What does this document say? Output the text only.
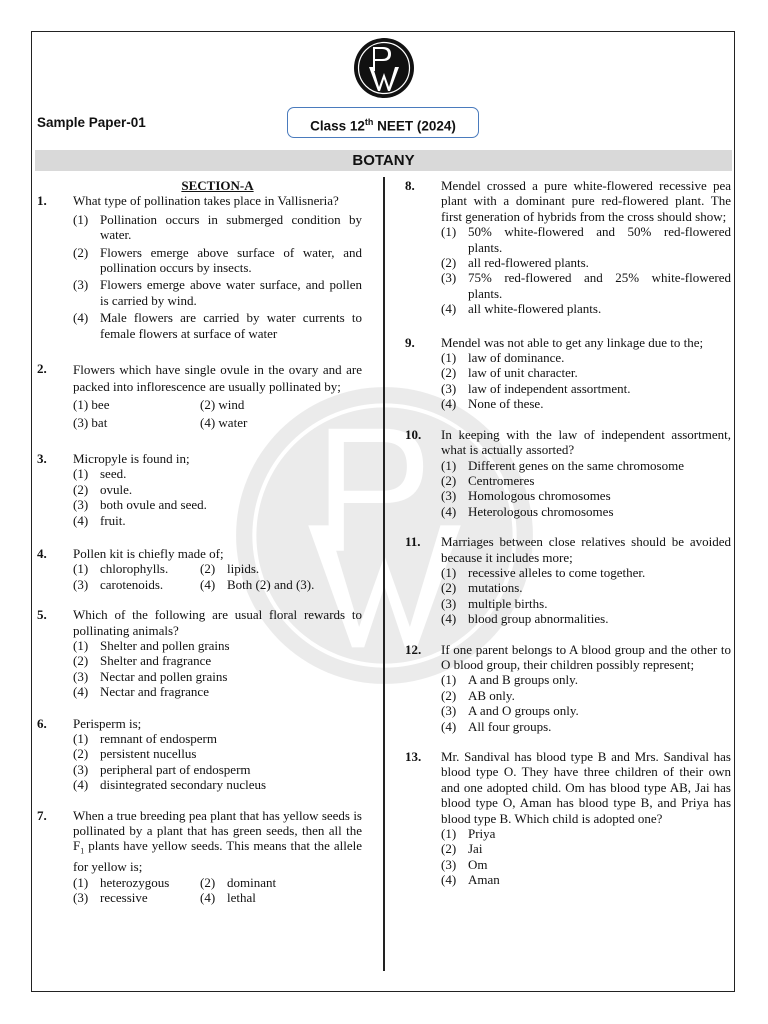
Sample Paper-01	Class 12th NEET (2024)
BOTANY
SECTION-A
1. What type of pollination takes place in Vallisneria?
(1) Pollination occurs in submerged condition by water.
(2) Flowers emerge above surface of water, and pollination occurs by insects.
(3) Flowers emerge above water surface, and pollen is carried by wind.
(4) Male flowers are carried by water currents to female flowers at surface of water
2. Flowers which have single ovule in the ovary and are packed into inflorescence are usually pollinated by;
(1) bee	(2) wind
(3) bat	(4) water
3. Micropyle is found in;
(1) seed.
(2) ovule.
(3) both ovule and seed.
(4) fruit.
4. Pollen kit is chiefly made of;
(1) chlorophylls.	(2) lipids.
(3) carotenoids.	(4) Both (2) and (3).
5. Which of the following are usual floral rewards to pollinating animals?
(1) Shelter and pollen grains
(2) Shelter and fragrance
(3) Nectar and pollen grains
(4) Nectar and fragrance
6. Perisperm is;
(1) remnant of endosperm
(2) persistent nucellus
(3) peripheral part of endosperm
(4) disintegrated secondary nucleus
7. When a true breeding pea plant that has yellow seeds is pollinated by a plant that has green seeds, then all the $F_1$ plants have yellow seeds. This means that the allele for yellow is;
(1) heterozygous	(2) dominant
(3) recessive	(4) lethal
8. Mendel crossed a pure white-flowered recessive pea plant with a dominant pure red-flowered plant. The first generation of hybrids from the cross should show;
(1) 50% white-flowered and 50% red-flowered plants.
(2) all red-flowered plants.
(3) 75% red-flowered and 25% white-flowered plants.
(4) all white-flowered plants.
9. Mendel was not able to get any linkage due to the;
(1) law of dominance.
(2) law of unit character.
(3) law of independent assortment.
(4) None of these.
10. In keeping with the law of independent assortment, what is actually assorted?
(1) Different genes on the same chromosome
(2) Centromeres
(3) Homologous chromosomes
(4) Heterologous chromosomes
11. Marriages between close relatives should be avoided because it includes more;
(1) recessive alleles to come together.
(2) mutations.
(3) multiple births.
(4) blood group abnormalities.
12. If one parent belongs to A blood group and the other to O blood group, their children possibly represent;
(1) A and B groups only.
(2) AB only.
(3) A and O groups only.
(4) All four groups.
13. Mr. Sandival has blood type B and Mrs. Sandival has blood type O. They have three children of their own and one adopted child. Om has blood type AB, Jai has blood type O, Aman has blood type B, and Priya has blood type B. Which child is adopted one?
(1) Priya
(2) Jai
(3) Om
(4) Aman
